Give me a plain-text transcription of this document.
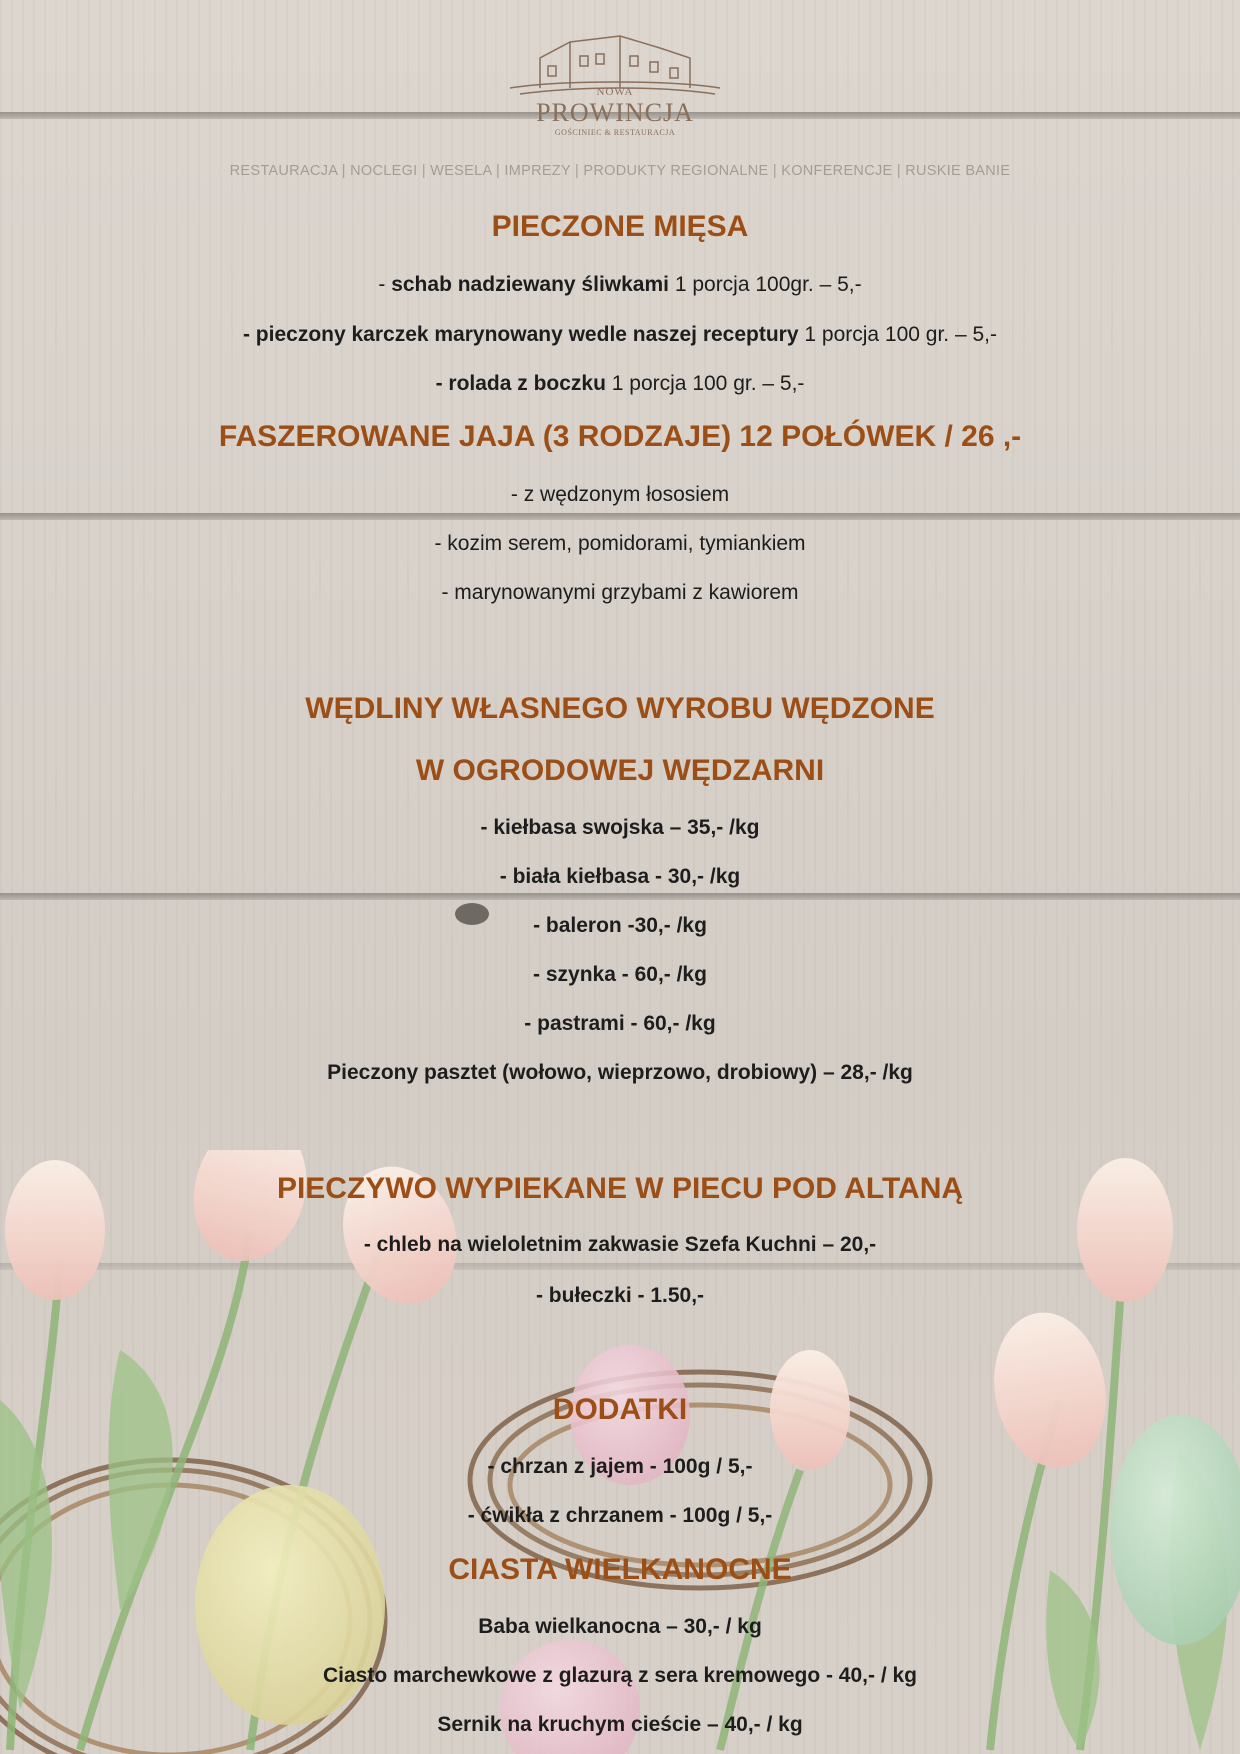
NOWA
PROWINCJA
GOŚCINIEC & RESTAURACJA
RESTAURACJA | NOCLEGI | WESELA | IMPREZY | PRODUKTY REGIONALNE | KONFERENCJE | RUSKIE BANIE
PIECZONE MIĘSA
- schab nadziewany śliwkami 1 porcja 100gr. – 5,-
- pieczony karczek marynowany wedle naszej receptury 1 porcja 100 gr. – 5,-
- rolada z boczku 1 porcja 100 gr. – 5,-
FASZEROWANE JAJA (3 RODZAJE) 12 POŁÓWEK / 26 ,-
- z wędzonym łososiem
- kozim serem, pomidorami, tymiankiem
- marynowanymi grzybami z kawiorem
WĘDLINY WŁASNEGO WYROBU WĘDZONE
W OGRODOWEJ WĘDZARNI
- kiełbasa swojska – 35,- /kg
- biała kiełbasa - 30,- /kg
- baleron -30,- /kg
- szynka - 60,- /kg
- pastrami - 60,- /kg
Pieczony pasztet (wołowo, wieprzowo, drobiowy) – 28,- /kg
PIECZYWO WYPIEKANE W PIECU POD ALTANĄ
- chleb na wieloletnim zakwasie Szefa Kuchni – 20,-
- bułeczki - 1.50,-
DODATKI
- chrzan z jajem - 100g / 5,-
- ćwikła z chrzanem - 100g / 5,-
CIASTA WIELKANOCNE
Baba wielkanocna – 30,- / kg
Ciasto marchewkowe z glazurą z sera kremowego - 40,- / kg
Sernik na kruchym cieście – 40,- / kg
